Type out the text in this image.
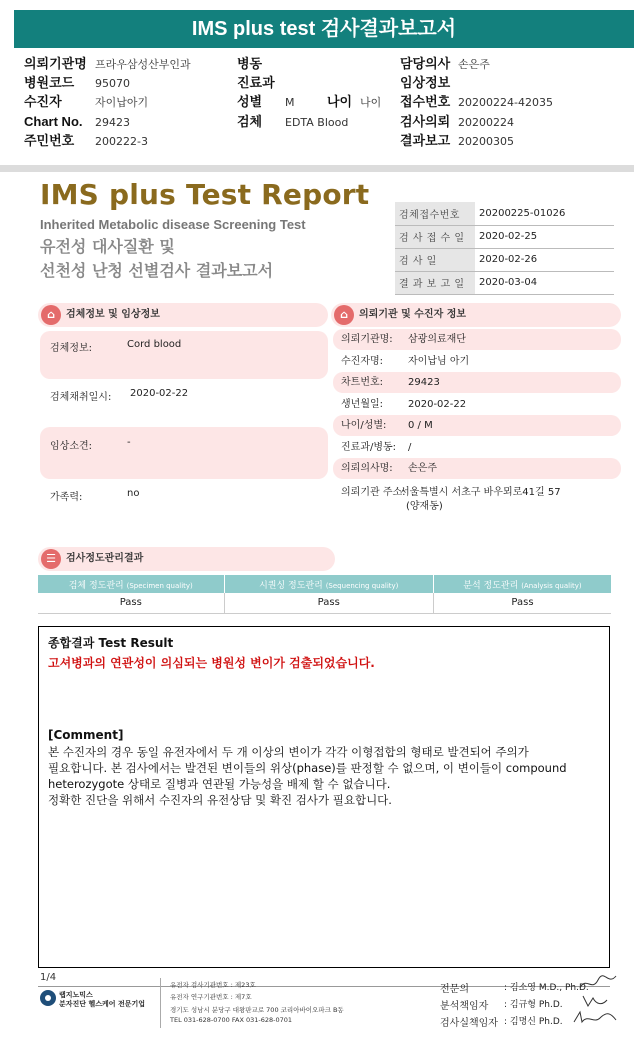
IMS plus test 검사결과보고서
의뢰기관명 프라우삼성산부인과
병원코드 95070
수진자	자이납아기
Chart No. 29423
주민번호 200222-3
병동
진료과
성별 M	나이 나이
검체 EDTA Blood
담당의사 손은주
임상정보
접수번호 20200224-42035
검사의뢰 20200224
결과보고 20200305
IMS plus Test Report
Inherited Metabolic disease Screening Test
유전성 대사질환 및
선천성 난청 선별검사 결과보고서
검체접수번호	20200225-01026
검 사 접 수 일	2020-02-25
검 사 일	2020-02-26
결 과 보 고 일	2020-03-04
⌂	검체정보 및 임상정보
검체정보:	Cord blood
검체채취일시: 2020-02-22
임상소견:	-
가족력:	no
⌂	의뢰기관 및 수진자 정보
의뢰기관명: 삼광의료재단
수진자명: 자이납님 아기
차트번호: 29423
생년월일: 2020-02-22
나이/성별: 0 / M
진료과/병동: /
의뢰의사명: 손은주
의뢰기관 주소:
서울특별시 서초구 바우뫼로41길 57
(양재동)
☰	검사정도관리결과
검체 정도관리 (Specimen quality)	시퀀싱 정도관리 (Sequencing quality)	분석 정도관리 (Analysis quality)
Pass	Pass	Pass
종합결과 Test Result
고셔병과의 연관성이 의심되는 병원성 변이가 검출되었습니다.
[Comment]
본 수진자의 경우 동일 유전자에서 두 개 이상의 변이가 각각 이형접합의 형태로 발견되어 주의가
필요합니다. 본 검사에서는 발견된 변이들의 위상(phase)를 판정할 수 없으며, 이 변이들이 compound
heterozygote 상태로 질병과 연관될 가능성을 배제 할 수 없습니다.
정확한 진단을 위해서 수진자의 유전상담 및 확진 검사가 필요합니다.
1/4
랩지노믹스
분자진단 헬스케어 전문기업
유전자 검사기관번호 : 제23호
유전자 연구기관번호 : 제7호
경기도 성남시 분당구 대왕판교로 700 코리아바이오파크 B동
TEL 031-628-0700 FAX 031-628-0701
전문의	: 김소영 M.D., Ph.D.
분석책임자 : 김규형 Ph.D.
검사실책임자 : 김명신 Ph.D.
